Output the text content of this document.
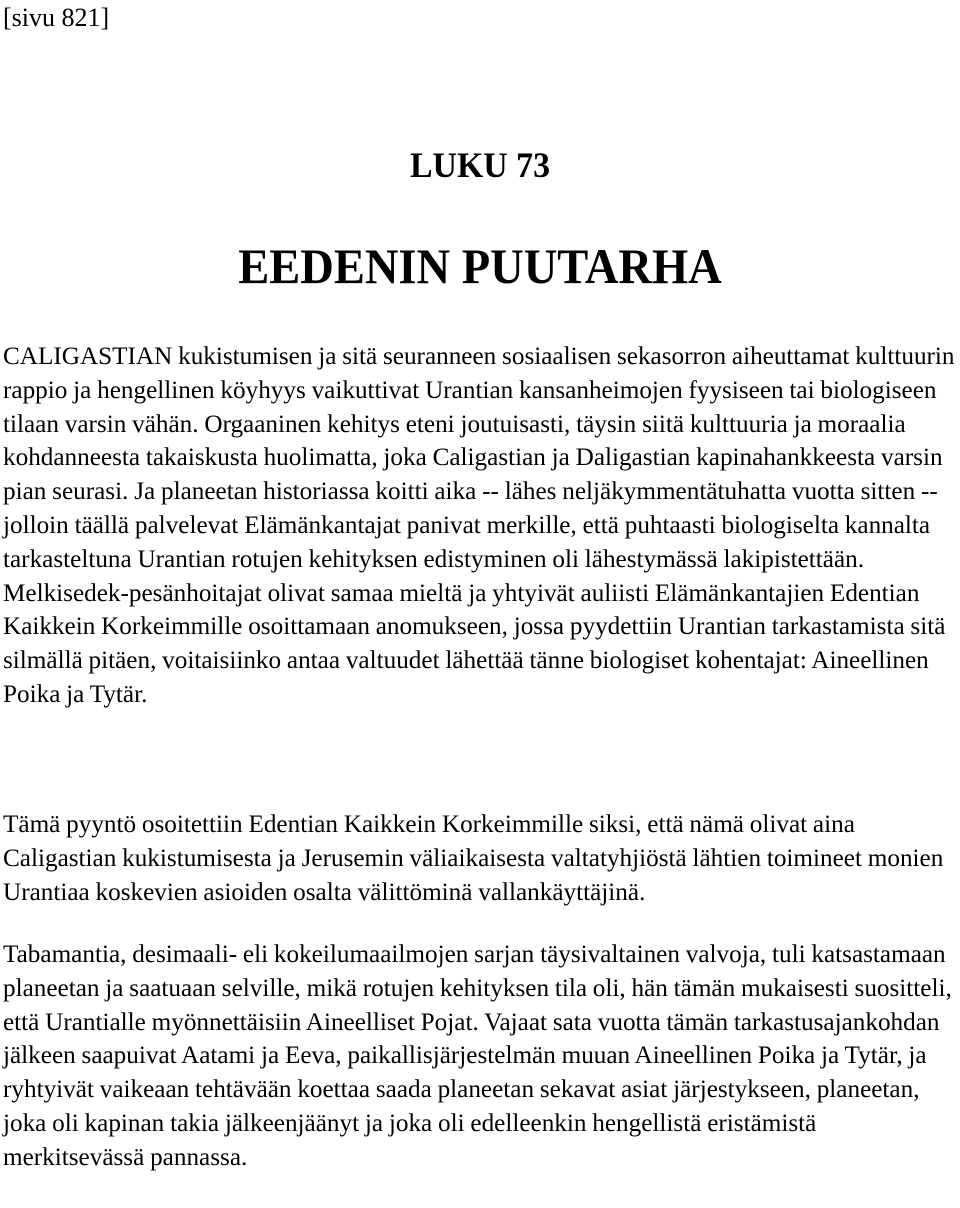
[sivu 821]
LUKU 73
EEDENIN PUUTARHA

CALIGASTIAN kukistumisen ja sitä seuranneen sosiaalisen sekasorron aiheuttamat kulttuurin rappio ja hengellinen köyhyys vaikuttivat Urantian kansanheimojen fyysiseen tai biologiseen tilaan varsin vähän. Orgaaninen kehitys eteni joutuisasti, täysin siitä kulttuuria ja moraalia kohdanneesta takaiskusta huolimatta, joka Caligastian ja Daligastian kapinahankkeesta varsin pian seurasi. Ja planeetan historiassa koitti aika -- lähes neljäkymmentätuhatta vuotta sitten -- jolloin täällä palvelevat Elämänkantajat panivat merkille, että puhtaasti biologiselta kannalta tarkasteltuna Urantian rotujen kehityksen edistyminen oli lähestymässä lakipistettään. Melkisedek-pesänhoitajat olivat samaa mieltä ja yhtyivät auliisti Elämänkantajien Edentian Kaikkein Korkeimmille osoittamaan anomukseen, jossa pyydettiin Urantian tarkastamista sitä silmällä pitäen, voitaisiinko antaa valtuudet lähettää tänne biologiset kohentajat: Aineellinen Poika ja Tytär.

Tämä pyyntö osoitettiin Edentian Kaikkein Korkeimmille siksi, että nämä olivat aina Caligastian kukistumisesta ja Jerusemin väliaikaisesta valtatyhjiöstä lähtien toimineet monien Urantiaa koskevien asioiden osalta välittöminä vallankäyttäjinä.

Tabamantia, desimaali- eli kokeilumaailmojen sarjan täysivaltainen valvoja, tuli katsastamaan planeetan ja saatuaan selville, mikä rotujen kehityksen tila oli, hän tämän mukaisesti suositteli, että Urantialle myönnettäisiin Aineelliset Pojat. Vajaat sata vuotta tämän tarkastusajankohdan jälkeen saapuivat Aatami ja Eeva, paikallisjärjestelmän muuan Aineellinen Poika ja Tytär, ja ryhtyivät vaikeaan tehtävään koettaa saada planeetan sekavat asiat järjestykseen, planeetan, joka oli kapinan takia jälkeenjäänyt ja joka oli edelleenkin hengellistä eristämistä merkitsevässä pannassa.
